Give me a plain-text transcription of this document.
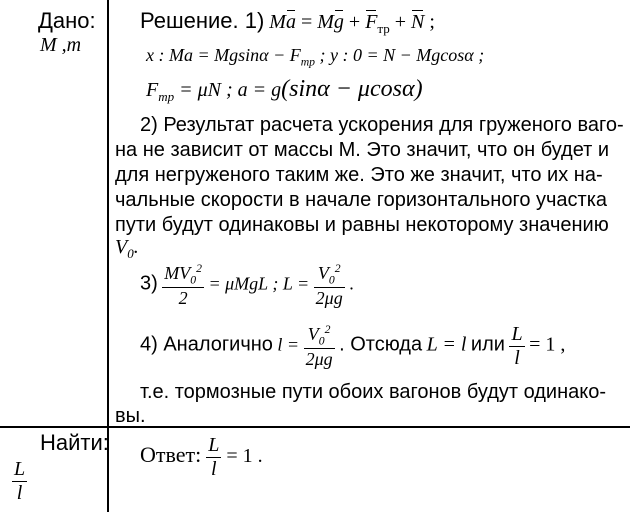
Дано:
M ,m
Найти:
$\frac{L}{l}$
Решение. 1) $Ma = Mg + F_{тр} + N$ ;
x : $Ma = Mgsin\alpha - F_{тр}$ ; y : 0 = N − Mgcosα ;
$F_{тр} = \mu N$ ; a = g(sinα − μcosα)
2) Результат расчета ускорения для груженого ваго-
на не зависит от массы M. Это значит, что он будет и
для негруженого таким же. Это же значит, что их на-
чальные скорости в начале горизонтального участка
пути будут одинаковы и равны некоторому значению
$V_0$.
$3) \frac{MV_0^2}{2} = \mu MgL$ ; $L = \frac{V_0^2}{2\mu g}$ .
4) Аналогично $l = \frac{V_0^2}{2\mu g}$ . Отсюда L = l или $\frac{L}{l} = 1$ ,
т.е. тормозные пути обоих вагонов будут одинако-
вы.
Ответ: $\frac{L}{l} = 1$ .
